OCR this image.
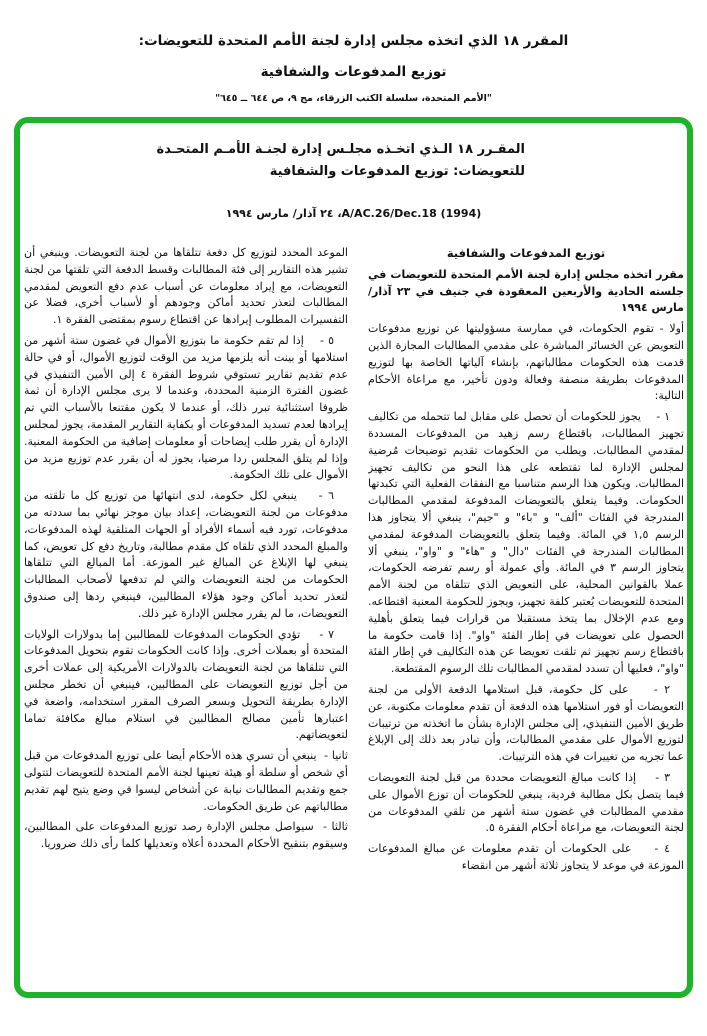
المقرر ١٨ الذي اتخذه مجلس إدارة لجنة الأمم المتحدة للتعويضات:
توزيع المدفوعات والشفافية
"الأمم المتحدة، سلسلة الكتب الزرقاء، مج ٩، ص ٦٤٤ ــ ٦٤٥"
المقـرر ١٨ الـذي اتخـذه مجلـس إدارة لجنـة الأمـم المتحـدة
للتعويضات: توزيع المدفوعات والشفافية
A/AC.26/Dec.18 (1994)، ٢٤ آذار/ مارس ١٩٩٤
توزيع المدفوعات والشفافية

مقرر اتخذه مجلس إدارة لجنة الأمم المتحدة للتعويضات في جلسته الحادية والأربعين المعقودة في جنيف في ٢٣ آذار/ مارس ١٩٩٤

أولا - تقوم الحكومات، في ممارسة مسؤوليتها عن توزيع مدفوعات التعويض عن الخسائر المباشرة على مقدمي المطالبات المجازة الذين قدمت هذه الحكومات مطالباتهم، بإنشاء آلياتها الخاصة بها لتوزيع المدفوعات بطريقة منصفة وفعالة ودون تأخير، مع مراعاة الأحكام التالية:

١ -    يجوز للحكومات أن تحصل على مقابل لما تتحمله من تكاليف تجهيز المطالبات، باقتطاع رسم زهيد من المدفوعات المسددة لمقدمي المطالبات. ويطلب من الحكومات تقديم توضيحات مُرضية لمجلس الإدارة لما تقتطعه على هذا النحو من تكاليف تجهيز المطالبات. ويكون هذا الرسم متناسبا مع النفقات الفعلية التي تكبدتها الحكومات. وفيما يتعلق بالتعويضات المدفوعة لمقدمي المطالبات المندرجة في الفئات "ألف" و "باء" و "جيم"، ينبغي ألا يتجاوز هذا الرسم ١,٥ في المائة. وفيما يتعلق بالتعويضات المدفوعة لمقدمي المطالبات المندرجة في الفئات "دال" و "هاء" و "واو"، ينبغي ألا يتجاوز الرسم ٣ في المائة. وأي عمولة أو رسم تفرضه الحكومات، عملا بالقوانين المحلية، على التعويض الذي تتلقاه من لجنة الأمم المتحدة للتعويضات يُعتبر كلفة تجهيز، ويجوز للحكومة المعنية اقتطاعه. ومع عدم الإخلال بما يتخذ مستقبلا من قرارات فيما يتعلق بأهلية الحصول على تعويضات في إطار الفئة "واو". إذا قامت حكومة ما باقتطاع رسم تجهيز ثم تلقت تعويضا عن هذه التكاليف في إطار الفئة "واو"، فعليها أن تسدد لمقدمي المطالبات تلك الرسوم المقتطعة.

٢ -    على كل حكومة، قبل استلامها الدفعة الأولى من لجنة التعويضات أو فور استلامها هذه الدفعة أن تقدم معلومات مكتوبة، عن طريق الأمين التنفيذي، إلى مجلس الإدارة بشأن ما اتخذته من ترتيبات لتوزيع الأموال على مقدمي المطالبات، وأن تبادر بعد ذلك إلى الإبلاغ عما تجريه من تغييرات في هذه الترتيبات.

٣ -    إذا كانت مبالغ التعويضات محددة من قبل لجنة التعويضات فيما يتصل بكل مطالبة فردية، ينبغي للحكومات أن توزع الأموال على مقدمي المطالبات في غضون ستة أشهر من تلقي المدفوعات من لجنة التعويضات، مع مراعاة أحكام الفقرة ٥.

٤ -    على الحكومات أن تقدم معلومات عن مبالغ المدفوعات الموزعة في موعد لا يتجاوز ثلاثة أشهر من انقضاء

الموعد المحدد لتوزيع كل دفعة تتلقاها من لجنة التعويضات. وينبغي أن تشير هذه التقارير إلى فئة المطالبات وقسط الدفعة التي تلقتها من لجنة التعويضات، مع إيراد معلومات عن أسباب عدم دفع التعويض لمقدمي المطالبات لتعذر تحديد أماكن وجودهم أو لأسباب أخرى، فضلا عن التفسيرات المطلوب إيرادها عن اقتطاع رسوم بمقتضى الفقرة ١.

٥ -    إذا لم تقم حكومة ما بتوزيع الأموال في غضون ستة أشهر من استلامها أو بينت أنه يلزمها مزيد من الوقت لتوزيع الأموال، أو في حالة عدم تقديم تقارير تستوفي شروط الفقرة ٤ إلى الأمين التنفيذي في غضون الفترة الزمنية المحددة، وعندما لا يرى مجلس الإدارة أن ثمة ظروفا استثنائية تبرر ذلك، أو عندما لا يكون مقتنعا بالأسباب التي تم إيرادها لعدم تسديد المدفوعات أو بكفاية التقارير المقدمة، يجوز لمجلس الإدارة أن يقرر طلب إيضاحات أو معلومات إضافية من الحكومة المعنية. وإذا لم يتلق المجلس ردا مرضيا، يجوز له أن يقرر عدم توزيع مزيد من الأموال على تلك الحكومة.

٦ -    ينبغي لكل حكومة، لدى انتهائها من توزيع كل ما تلقته من مدفوعات من لجنة التعويضات، إعداد بيان موجز نهائي بما سددته من مدفوعات، تورد فيه أسماء الأفراد أو الجهات المتلقية لهذه المدفوعات، والمبلغ المحدد الذي تلقاه كل مقدم مطالبة، وتاريخ دفع كل تعويض، كما ينبغي لها الإبلاغ عن المبالغ غير الموزعة. أما المبالغ التي تتلقاها الحكومات من لجنة التعويضات والتي لم تدفعها لأصحاب المطالبات لتعذر تحديد أماكن وجود هؤلاء المطالبين، فينبغي ردها إلى صندوق التعويضات، ما لم يقرر مجلس الإدارة غير ذلك.

٧ -    تؤدي الحكومات المدفوعات للمطالبين إما بدولارات الولايات المتحدة أو بعملات أخرى. وإذا كانت الحكومات تقوم بتحويل المدفوعات التي تتلقاها من لجنة التعويضات بالدولارات الأمريكية إلى عملات أخرى من أجل توزيع التعويضات على المطالبين، فينبغي أن تخطر مجلس الإدارة بطريقة التحويل وبسعر الصرف المقرر استخدامه، واضعة في اعتبارها تأمين مصالح المطالبين في استلام مبالغ مكافئة تماما لتعويضاتهم.

ثانيا -  ينبغي أن تسري هذه الأحكام أيضا على توزيع المدفوعات من قبل أي شخص أو سلطة أو هيئة تعينها لجنة الأمم المتحدة للتعويضات لتتولى جمع وتقديم المطالبات نيابة عن أشخاص ليسوا في وضع يتيح لهم تقديم مطالباتهم عن طريق الحكومات.

ثالثا -  سيواصل مجلس الإدارة رصد توزيع المدفوعات على المطالبين، وسيقوم بتنقيح الأحكام المحددة أعلاه وتعديلها كلما رأى ذلك ضروريا.
